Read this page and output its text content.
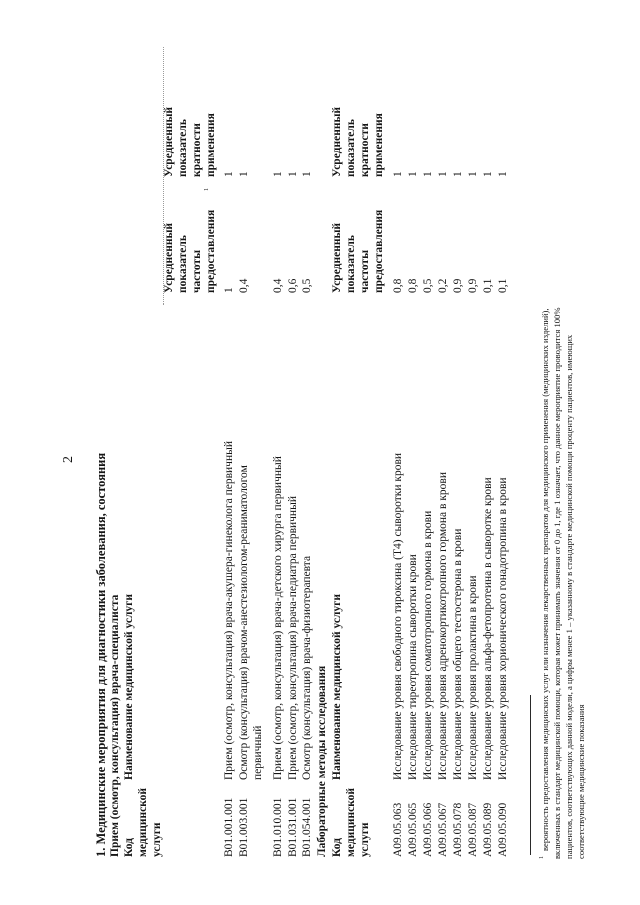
2 1. Медицинские мероприятия для диагностики заболевания, состояния Прием (осмотр, консультация) врача-специалиста Код медицинской услуги
Наименование медицинской услуги
Усредненный показатель частоты предоставления
1
Усредненный показатель кратности применения
B01.001.001
Прием (осмотр, консультация) врача-акушера-гинеколога первичный
1
1
B01.003.001
Осмотр (консультация) врачом-анестезиологом-реаниматологом первичный
0,4
1
B01.010.001
Прием (осмотр, консультация) врача-детского хирурга первичный
0,4
1
B01.031.001
Прием (осмотр, консультация) врача-педиатра первичный
0,6
1
B01.054.001
Осмотр (консультация) врача-физиотерапевта
0,5
1
Лабораторные методы исследования Код медицинской услуги
Наименование медицинской услуги
Усредненный показатель частоты предоставления
Усредненный показатель кратности применения
A09.05.063
Исследование уровня свободного тироксина (Т4) сыворотки крови
0,8
1
A09.05.065
Исследование тиреотропина сыворотки крови
0,8
1
A09.05.066
Исследование уровня соматотропного гормона в крови
0,5
1
A09.05.067
Исследование уровня адренокортикотропного гормона в крови
0,2
1
A09.05.078
Исследование уровня общего тестостерона в крови
0,9
1
A09.05.087
Исследование уровня пролактина в крови
0,9
1
A09.05.089
Исследование уровня альфа-фетопротеина в сыворотке крови
0,1
1
A09.05.090
Исследование уровня хорионического гонадотропина в крови
0,1
1
1
вероятность предоставления медицинских услуг или назначения лекарственных препаратов для медицинского применения (медицинских изделий), включенных в стандарт медицинской помощи, которая может принимать значения от 0 до 1, где 1 означает, что данное мероприятие проводится 100% пациентов, соответствующих данной модели, а цифры менее 1 – указанному в стандарте медицинской помощи проценту пациентов, имеющих соответствующие медицинские показания
